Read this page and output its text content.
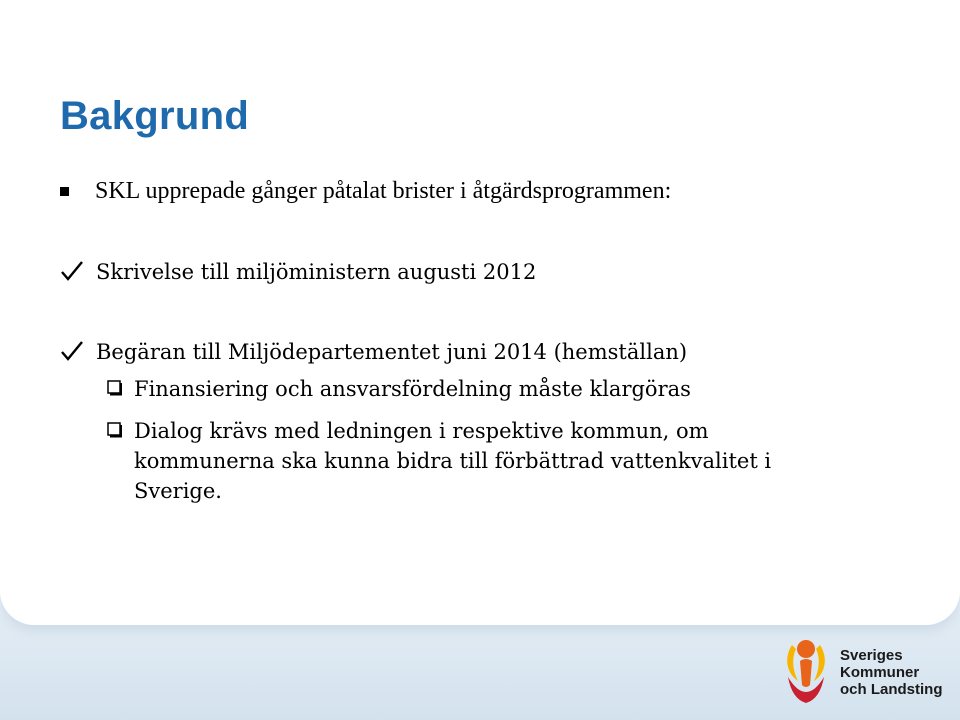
Bakgrund
SKL upprepade gånger påtalat brister i åtgärdsprogrammen:
Skrivelse till miljöministern augusti 2012
Begäran till Miljödepartementet juni 2014 (hemställan)
Finansiering och ansvarsfördelning måste klargöras
Dialog krävs med ledningen i respektive kommun, om kommunerna ska kunna bidra till förbättrad vattenkvalitet i Sverige.
Sveriges
Kommuner
och Landsting
